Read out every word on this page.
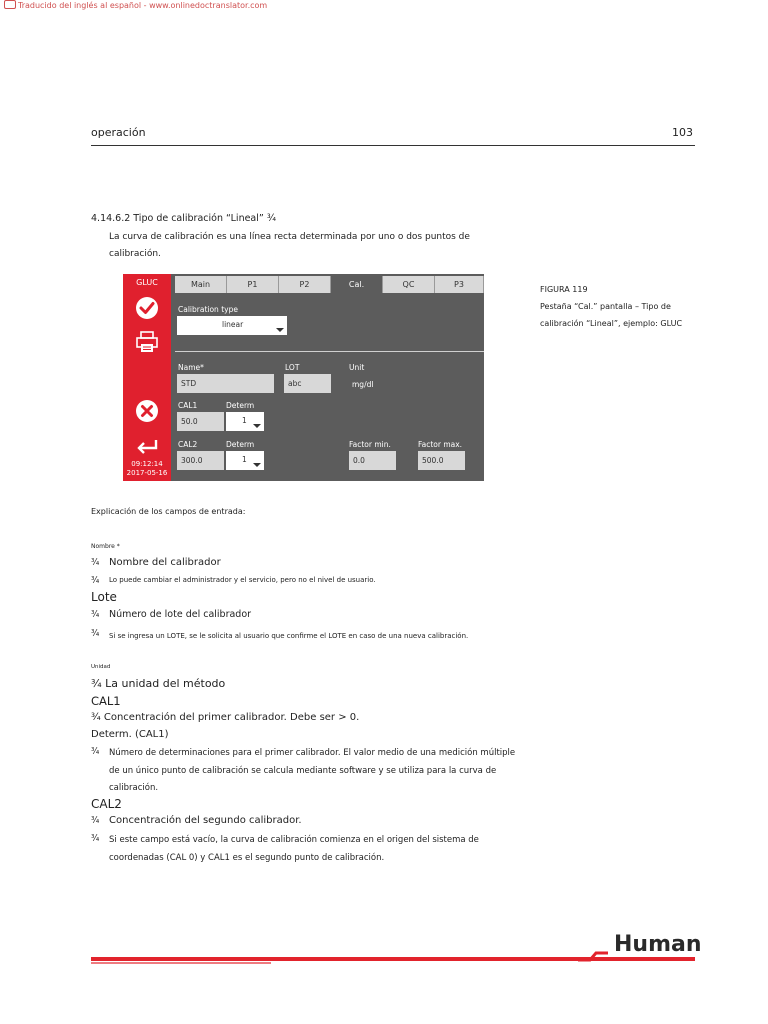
Traducido del inglés al español - www.onlinedoctranslator.com
operación	103
4.14.6.2 Tipo de calibración “Lineal” ¾
La curva de calibración es una línea recta determinada por uno o dos puntos de calibración.
GLUC
09:12:14
2017-05-16
Main	P1	P2	Cal.	QC	P3
Calibration type
linear
Name*
STD
LOT
abc
Unit
mg/dl
CAL1
50.0
Determ
1
CAL2
300.0
Determ
1
Factor min.
0.0
Factor max.
500.0
FIGURA 119
Pestaña “Cal.” pantalla – Tipo de calibración “Lineal”, ejemplo: GLUC
Explicación de los campos de entrada:
Nombre *
¾ Nombre del calibrador
¾ Lo puede cambiar el administrador y el servicio, pero no el nivel de usuario.
Lote
¾ Número de lote del calibrador
¾ Si se ingresa un LOTE, se le solicita al usuario que confirme el LOTE en caso de una nueva calibración.
Unidad
¾ La unidad del método
CAL1
¾ Concentración del primer calibrador. Debe ser > 0.
Determ. (CAL1)
¾ Número de determinaciones para el primer calibrador. El valor medio de una medición múltiple de un único punto de calibración se calcula mediante software y se utiliza para la curva de calibración.
CAL2
¾ Concentración del segundo calibrador.
¾ Si este campo está vacío, la curva de calibración comienza en el origen del sistema de coordenadas (CAL 0) y CAL1 es el segundo punto de calibración.
Human
